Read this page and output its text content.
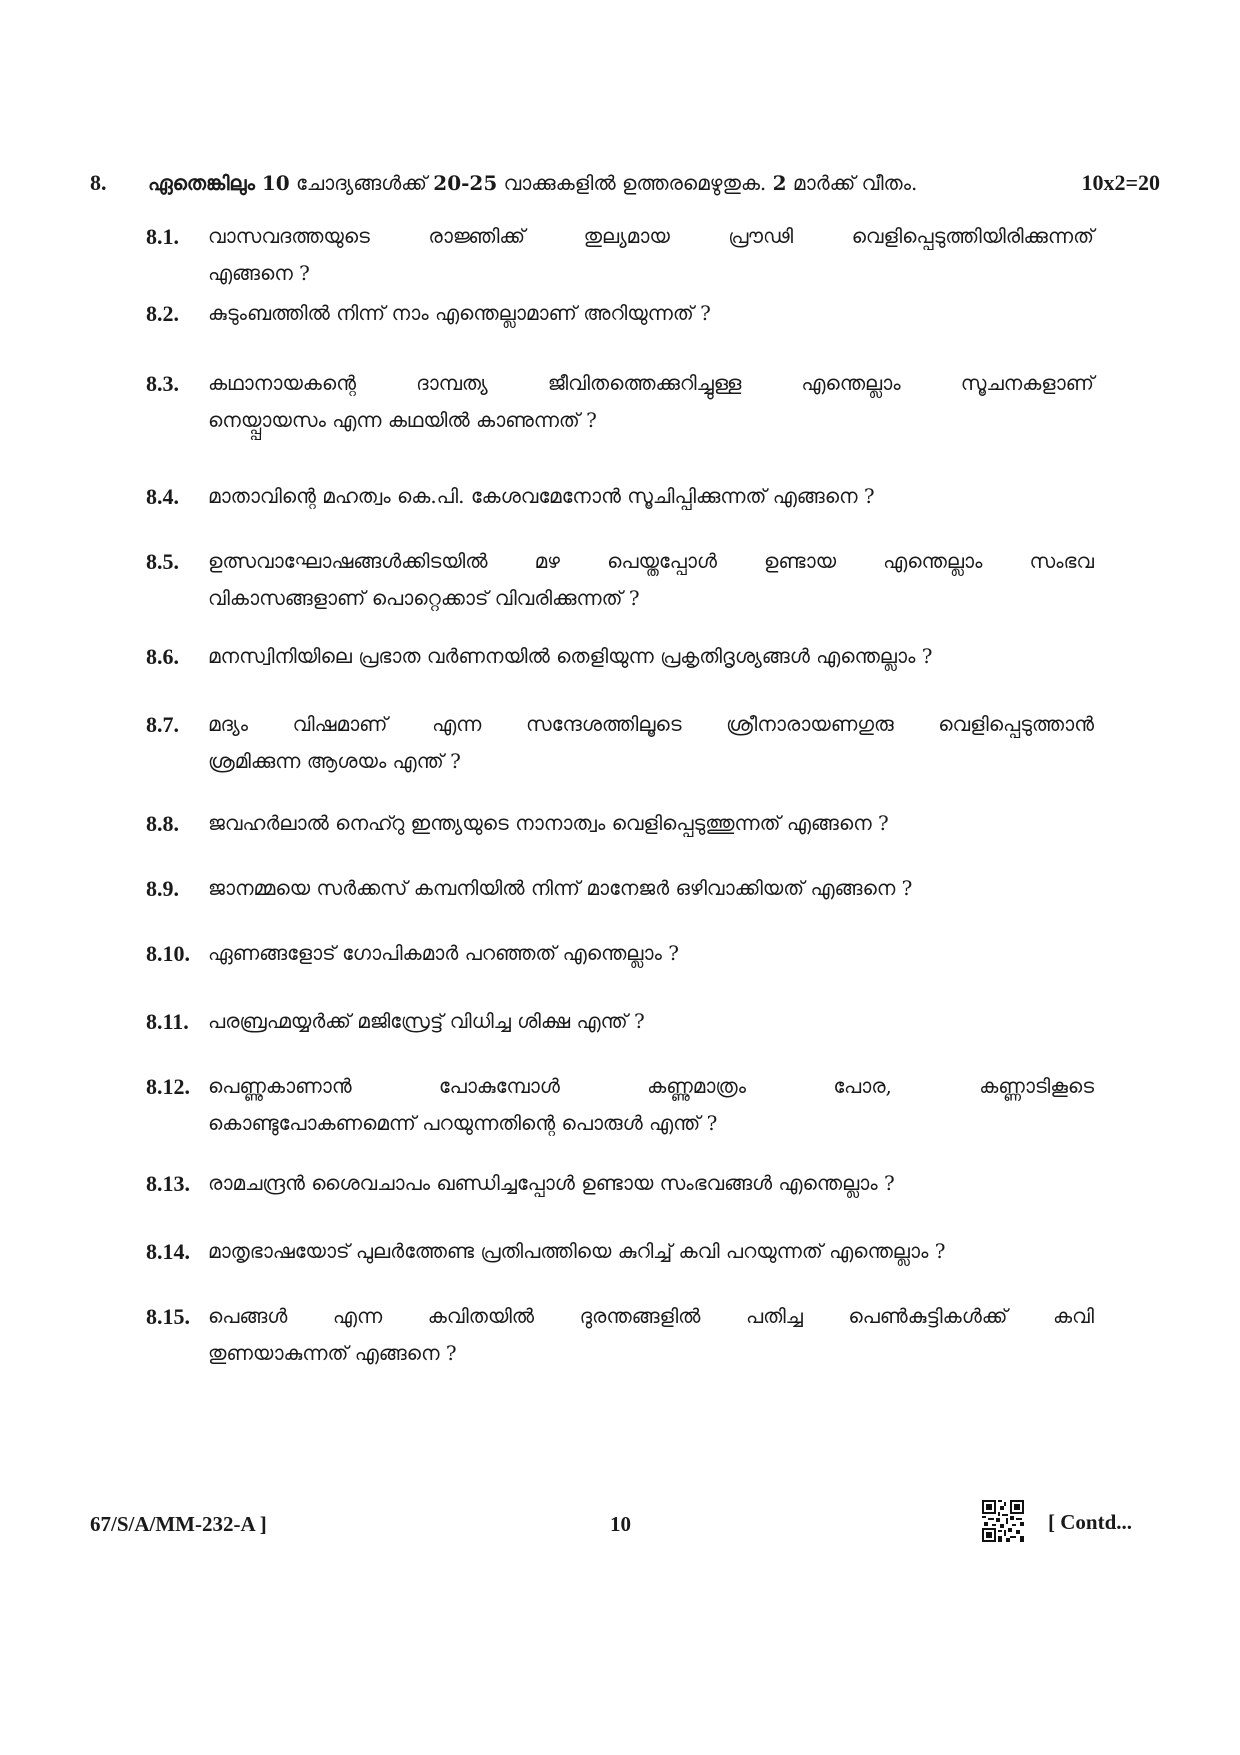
8. ഏതെങ്കിലും 10 ചോദ്യങ്ങൾക്ക് 20-25 വാക്കുകളിൽ ഉത്തരമെഴുതുക. 2 മാർക്ക് വീതം.	10x2=20
8.1. വാസവദത്തയുടെ രാജ്ഞിക്ക് തുല്യമായ പ്രൗഢി വെളിപ്പെടുത്തിയിരിക്കുന്നത്
എങ്ങനെ ?
8.2. കുടുംബത്തിൽ നിന്ന് നാം എന്തെല്ലാമാണ് അറിയുന്നത് ?
8.3. കഥാനായകന്റെ ദാമ്പത്യ ജീവിതത്തെക്കുറിച്ചുള്ള എന്തെല്ലാം സൂചനകളാണ്
നെയ്പ്പായസം എന്ന കഥയിൽ കാണുന്നത് ?
8.4. മാതാവിന്റെ മഹത്വം കെ.പി. കേശവമേനോൻ സൂചിപ്പിക്കുന്നത് എങ്ങനെ ?
8.5. ഉത്സവാഘോഷങ്ങൾക്കിടയിൽ മഴ പെയ്തപ്പോൾ ഉണ്ടായ എന്തെല്ലാം സംഭവ
വികാസങ്ങളാണ് പൊറ്റെക്കാട് വിവരിക്കുന്നത് ?
8.6. മനസ്വിനിയിലെ പ്രഭാത വർണനയിൽ തെളിയുന്ന പ്രകൃതിദൃശ്യങ്ങൾ എന്തെല്ലാം ?
8.7. മദ്യം വിഷമാണ് എന്ന സന്ദേശത്തിലൂടെ ശ്രീനാരായണഗുരു വെളിപ്പെടുത്താൻ
ശ്രമിക്കുന്ന ആശയം എന്ത് ?
8.8. ജവഹർലാൽ നെഹ്റു ഇന്ത്യയുടെ നാനാത്വം വെളിപ്പെടുത്തുന്നത് എങ്ങനെ ?
8.9. ജാനമ്മയെ സർക്കസ് കമ്പനിയിൽ നിന്ന് മാനേജർ ഒഴിവാക്കിയത് എങ്ങനെ ?
8.10. ഏണങ്ങളോട് ഗോപികമാർ പറഞ്ഞത് എന്തെല്ലാം ?
8.11. പരബ്രഹ്മയ്യർക്ക് മജിസ്രേട്ട് വിധിച്ച ശിക്ഷ എന്ത് ?
8.12. പെണ്ണുകാണാൻ പോകുമ്പോൾ കണ്ണുമാത്രം പോര, കണ്ണാടികൂടെ
കൊണ്ടുപോകണമെന്ന് പറയുന്നതിന്റെ പൊരുൾ എന്ത് ?
8.13. രാമചന്ദ്രൻ ശൈവചാപം ഖണ്ഡിച്ചപ്പോൾ ഉണ്ടായ സംഭവങ്ങൾ എന്തെല്ലാം ?
8.14. മാതൃഭാഷയോട് പുലർത്തേണ്ട പ്രതിപത്തിയെ കുറിച്ച് കവി പറയുന്നത് എന്തെല്ലാം ?
8.15. പെങ്ങൾ എന്ന കവിതയിൽ ദുരന്തങ്ങളിൽ പതിച്ച പെൺകുട്ടികൾക്ക് കവി
തുണയാകുന്നത് എങ്ങനെ ?
67/S/A/MM-232-A ]	10	[ Contd...
